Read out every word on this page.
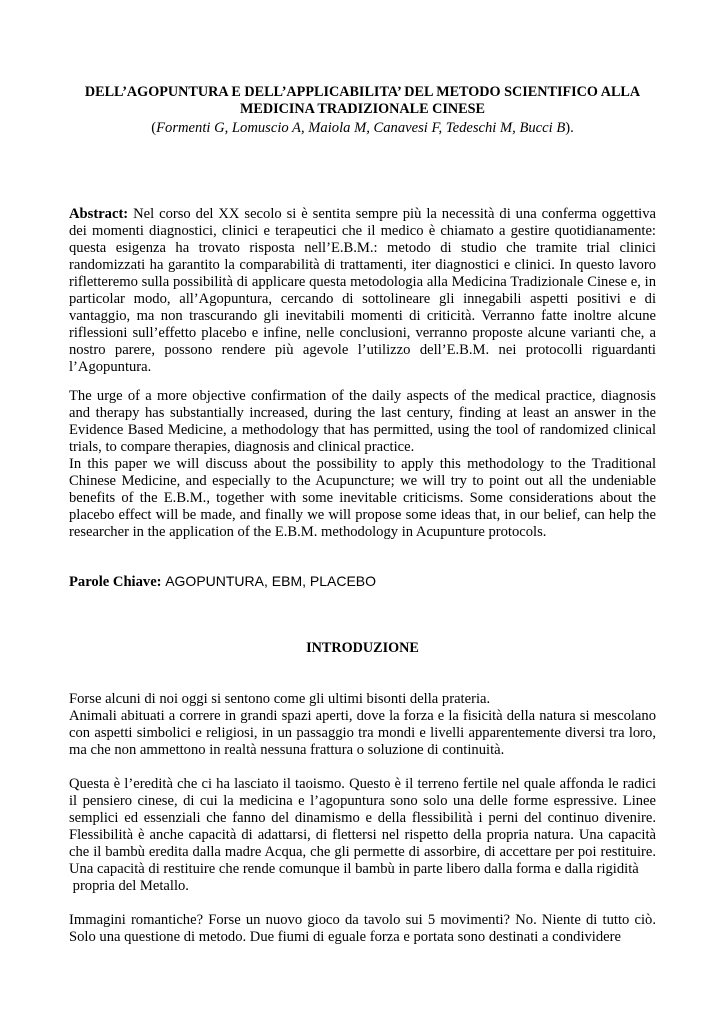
DELL’AGOPUNTURA E DELL’APPLICABILITA’ DEL METODO SCIENTIFICO ALLA MEDICINA TRADIZIONALE CINESE
(Formenti G, Lomuscio A, Maiola M, Canavesi F, Tedeschi M, Bucci B).

Abstract: Nel corso del XX secolo si è sentita sempre più la necessità di una conferma oggettiva dei momenti diagnostici, clinici e terapeutici che il medico è chiamato a gestire quotidianamente: questa esigenza ha trovato risposta nell’E.B.M.: metodo di studio che tramite trial clinici randomizzati ha garantito la comparabilità di trattamenti, iter diagnostici e clinici. In questo lavoro rifletteremo sulla possibilità di applicare questa metodologia alla Medicina Tradizionale Cinese e, in particolar modo, all’Agopuntura, cercando di sottolineare gli innegabili aspetti positivi e di vantaggio, ma non trascurando gli inevitabili momenti di criticità. Verranno fatte inoltre alcune riflessioni sull’effetto placebo e infine, nelle conclusioni, verranno proposte alcune varianti che, a nostro parere, possono rendere più agevole l’utilizzo dell’E.B.M. nei protocolli riguardanti l’Agopuntura.

The urge of a more objective confirmation of the daily aspects of the medical practice, diagnosis and therapy has substantially increased, during the last century, finding at least an answer in the Evidence Based Medicine, a methodology that has permitted, using the tool of randomized clinical trials, to compare therapies, diagnosis and clinical practice.

In this paper we will discuss about the possibility to apply this methodology to the Traditional Chinese Medicine, and especially to the Acupuncture; we will try to point out all the undeniable benefits of the E.B.M., together with some inevitable criticisms. Some considerations about the placebo effect will be made, and finally we will propose some ideas that, in our belief, can help the researcher in the application of the E.B.M. methodology in Acupunture protocols.

Parole Chiave: AGOPUNTURA, EBM, PLACEBO

INTRODUZIONE

Forse alcuni di noi oggi si sentono come gli ultimi bisonti della prateria.
Animali abituati a correre in grandi spazi aperti, dove la forza e la fisicità della natura si mescolano con aspetti simbolici e religiosi, in un passaggio tra mondi e livelli apparentemente diversi tra loro, ma che non ammettono in realtà nessuna frattura o soluzione di continuità.

Questa è l’eredità che ci ha lasciato il taoismo. Questo è il terreno fertile nel quale affonda le radici il pensiero cinese, di cui la medicina e l’agopuntura sono solo una delle forme espressive. Linee semplici ed essenziali che fanno del dinamismo e della flessibilità i perni del continuo divenire. Flessibilità è anche capacità di adattarsi, di flettersi nel rispetto della propria natura. Una capacità che il bambù eredita dalla madre Acqua, che gli permette di assorbire, di accettare per poi restituire. Una capacità di restituire che rende comunque il bambù in parte libero dalla forma e dalla rigidità
propria del Metallo.

Immagini romantiche? Forse un nuovo gioco da tavolo sui 5 movimenti? No. Niente di tutto ciò. Solo una questione di metodo. Due fiumi di eguale forza e portata sono destinati a condividere
